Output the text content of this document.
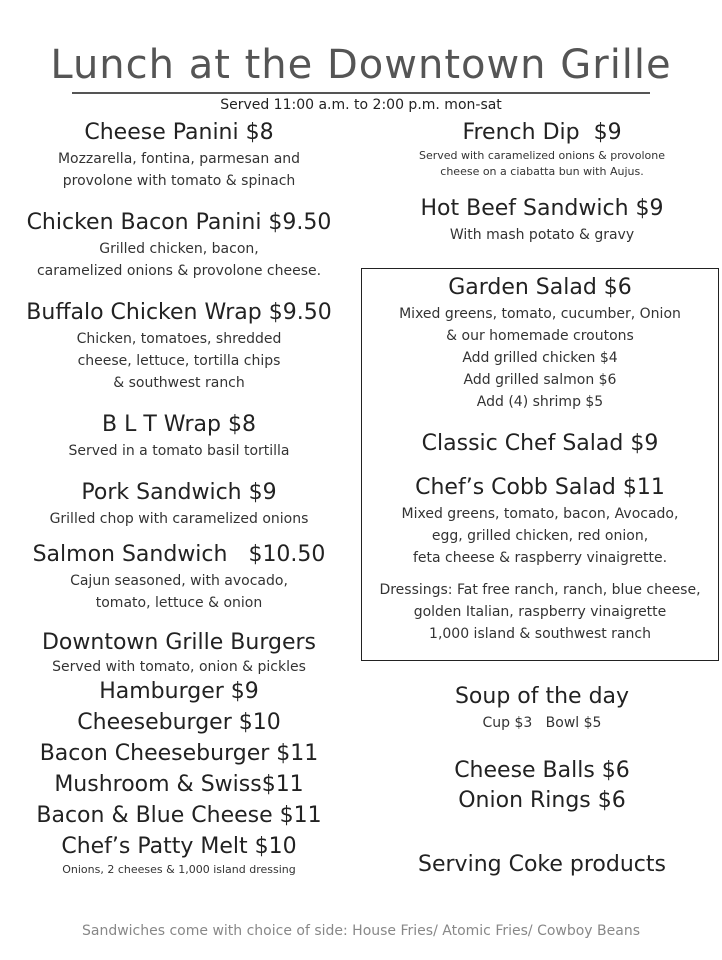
Lunch at the Downtown Grille
Served 11:00 a.m. to 2:00 p.m. mon-sat
Cheese Panini $8
Mozzarella, fontina, parmesan and
provolone with tomato & spinach
Chicken Bacon Panini $9.50
Grilled chicken, bacon,
caramelized onions & provolone cheese.
Buffalo Chicken Wrap $9.50
Chicken, tomatoes, shredded
cheese, lettuce, tortilla chips
& southwest ranch
B L T Wrap $8
Served in a tomato basil tortilla
Pork Sandwich $9
Grilled chop with caramelized onions
Salmon Sandwich   $10.50
Cajun seasoned, with avocado,
tomato, lettuce & onion
Downtown Grille Burgers
Served with tomato, onion & pickles
Hamburger $9
Cheeseburger $10
Bacon Cheeseburger $11
Mushroom & Swiss$11
Bacon & Blue Cheese $11
Chef’s Patty Melt $10
Onions, 2 cheeses & 1,000 island dressing
French Dip  $9
Served with caramelized onions & provolone
cheese on a ciabatta bun with Aujus.
Hot Beef Sandwich $9
With mash potato & gravy
Garden Salad $6
Mixed greens, tomato, cucumber, Onion
& our homemade croutons
Add grilled chicken $4
Add grilled salmon $6
Add (4) shrimp $5
Classic Chef Salad $9
Chef’s Cobb Salad $11
Mixed greens, tomato, bacon, Avocado,
egg, grilled chicken, red onion,
feta cheese & raspberry vinaigrette.
Dressings: Fat free ranch, ranch, blue cheese,
golden Italian, raspberry vinaigrette
1,000 island & southwest ranch
Soup of the day
Cup $3   Bowl $5
Cheese Balls $6
Onion Rings $6
Serving Coke products
Sandwiches come with choice of side: House Fries/ Atomic Fries/ Cowboy Beans
